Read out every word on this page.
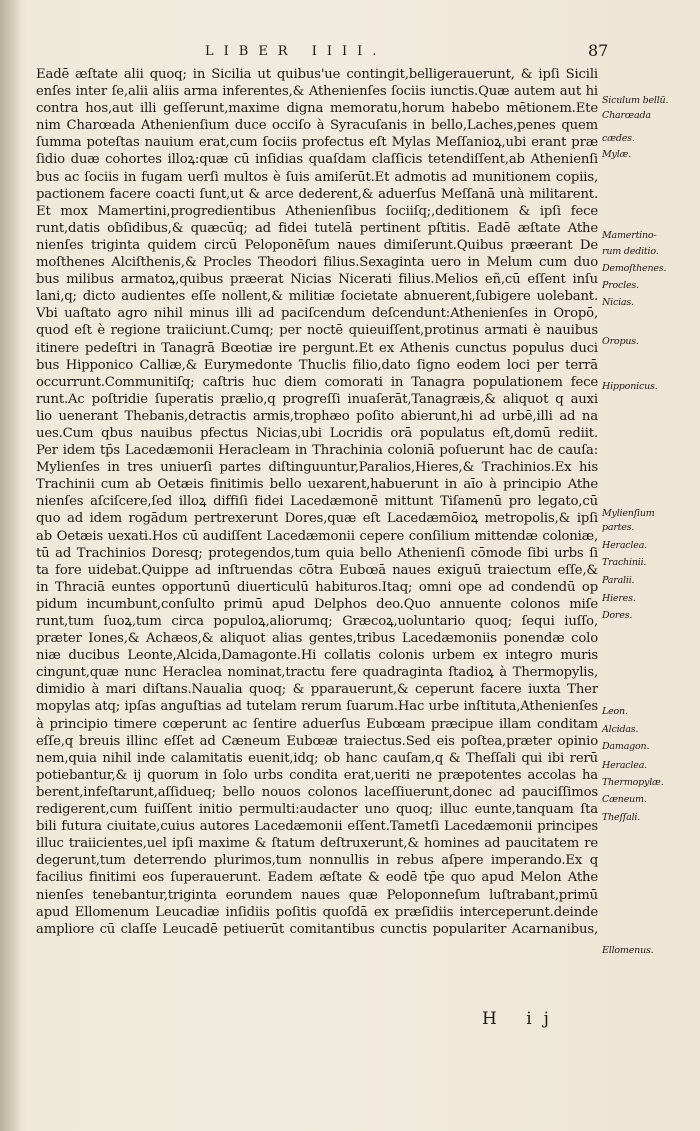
LIBER IIII.	87
Eadē æſtate alii quoq; in Sicilia ut quibus'ue contingit,belligerauerunt, & ipſi Sicili
enſes inter ſe,alii aliis arma inferentes,& Athenienſes ſociis iunctis.Quæ autem aut hi
contra hos,aut illi geſſerunt,maxime digna memoratu,horum habebo mētionem.Ete
nim Charœada Athenienſium duce occiſo à Syracuſanis in bello,Laches,penes quem
ſumma poteſtas nauium erat,cum ſociis profectus eſt Mylas Meſſanioꝝ,ubi erant præ
ſidio duæ cohortes illoꝝ:quæ cū inſidias quaſdam claſſicis tetendiſſent,ab Athenienſi
bus ac ſociis in fugam uerſi multos è ſuis amiſerūt.Et admotis ad munitionem copiis,
pactionem facere coacti ſunt,ut & arce dederent,& aduerſus Meſſanā unà militarent.
Et mox Mamertini,progredientibus Athenienſibus ſociiſq;,deditionem & ipſi fece
runt,datis obſidibus,& quæcūq; ad fidei tutelā pertinent pſtitis. Eadē æſtate Athe
nienſes triginta quidem circū Peloponēſum naues dimiſerunt.Quibus præerant De
moſthenes Alciſthenis,& Procles Theodori filius.Sexaginta uero in Melum cum duo
bus milibus armatoꝝ,quibus præerat Nicias Nicerati filius.Melios eñ,cū eſſent inſu
lani,q; dicto audientes eſſe nollent,& militiæ ſocietate abnuerent,ſubigere uolebant.
Vbi uaſtato agro nihil minus illi ad paciſcendum deſcendunt:Athenienſes in Oropō,
quod eſt è regione traiiciunt.Cumq; per noctē quieuiſſent,protinus armati è nauibus
itinere pedeſtri in Tanagrā Bœotiæ ire pergunt.Et ex Athenis cunctus populus duci
bus Hipponico Calliæ,& Eurymedonte Thuclis filio,dato ſigno eodem loci per terrā
occurrunt.Communitiſq; caſtris huc diem comorati in Tanagra populationem fece
runt.Ac poſtridie ſuperatis prælio,q progreſſi inuaſerāt,Tanagræis,& aliquot q auxi
lio uenerant Thebanis,detractis armis,trophæo poſito abierunt,hi ad urbē,illi ad na
ues.Cum qbus nauibus pfectus Nicias,ubi Locridis orā populatus eſt,domū rediit.
Per idem tp̄s Lacedæmonii Heracleam in Thrachinia coloniā poſuerunt hac de cauſa:
Mylienſes in tres uniuerſi partes diſtinguuntur,Paralios,Hieres,& Trachinios.Ex his
Trachinii cum ab Oetæis finitimis bello uexarent,habuerunt in aīo à principio Athe
nienſes aſciſcere,ſed illoꝝ diffiſi fidei Lacedæmonē mittunt Tiſamenū pro legato,cū
quo ad idem rogādum pertrexerunt Dores,quæ eſt Lacedæmōioꝝ metropolis,& ipſi
ab Oetæis uexati.Hos cū audiſſent Lacedæmonii cepere conſilium mittendæ coloniæ,
tū ad Trachinios Doresq; protegendos,tum quia bello Athenienſi cōmode ſibi urbs ſi
ta fore uidebat̄.Quippe ad inſtruendas cōtra Eubœā naues exiguū traiectum eſſe,&
in Thraciā euntes opportunū diuerticulū habituros.Itaq; omni ope ad condendū op
pidum incumbunt,conſulto primū apud Delphos deo.Quo annuente colonos miſe
runt,tum ſuoꝝ,tum circa populoꝝ,aliorumq; Græcoꝝ,uoluntario quoq; ſequi iuſſo,
præter Iones,& Achæos,& aliquot alias gentes,tribus Lacedæmoniis ponendæ colo
niæ ducibus Leonte,Alcida,Damagonte.Hi collatis colonis urbem ex integro muris
cingunt,quæ nunc Heraclea nominat̄,tractu fere quadraginta ſtadioꝝ à Thermopylis,
dimidio à mari diſtans.Naualia quoq; & pparauerunt,& ceperunt facere iuxta Ther
mopylas atq; ipſas anguſtias ad tutelam rerum ſuarum.Hac urbe inſtituta,Athenienſes
à principio timere cœperunt ac ſentire aduerſus Eubœam præcipue illam conditam
eſſe,q breuis illinc eſſet ad Cæneum Eubœæ traiectus.Sed eis poſtea,præter opinio
nem,quia nihil inde calamitatis euenit,idq; ob hanc cauſam,q & Theſſali qui ibi rerū
potiebantur,& ij quorum in ſolo urbs condita erat,ueriti ne præpotentes accolas ha
berent,infeſtarunt,aſſidueq; bello nouos colonos laceſſiuerunt,donec ad pauciſſimos
redigerent,cum fuiſſent initio permulti:audacter uno quoq; illuc eunte,tanquam ſta
bili futura ciuitate,cuius autores Lacedæmonii eſſent.Tametſi Lacedæmonii principes
illuc traiicientes,uel ipſi maxime & ſtatum deſtruxerunt,& homines ad paucitatem re
degerunt,tum deterrendo plurimos,tum nonnullis in rebus aſpere imperando.Ex q
facilius finitimi eos ſuperauerunt. Eadem æſtate & eodē tp̄e quo apud Melon Athe
nienſes tenebantur,triginta eorundem naues quæ Peloponneſum luſtrabant,primū
apud Ellomenum Leucadiæ inſidiis poſitis quoſdā ex præſidiis interceperunt.deinde
ampliore cū claſſe Leucadē petiuerūt comitantibus cunctis populariter Acarnanibus,
Siculum bellū.
Charœada
cædes.
Mylæ.
Mamertino-
rum deditio.
Demoſthenes.
Procles.
Nicias.
Oropus.
Hipponicus.
Mylienſium
partes.
Heraclea.
Trachinii.
Paralii.
Hieres.
Dores.
Leon.
Alcidas.
Damagon.
Heraclea.
Thermopylæ.
Cæneum.
Theſſali.
Ellomenus.
H ij
